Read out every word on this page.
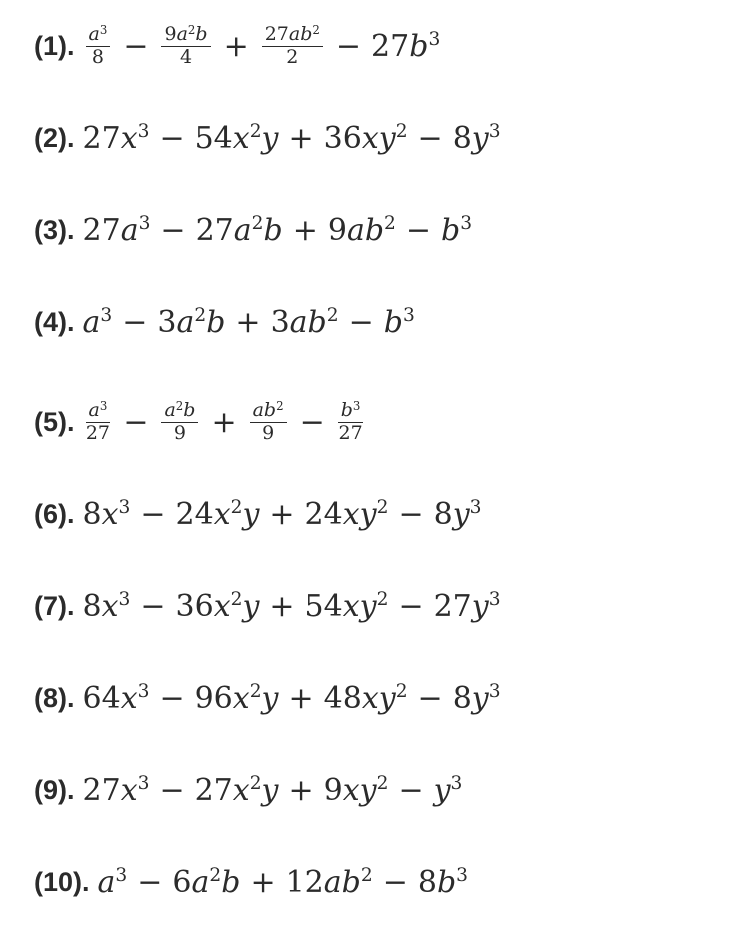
(1). $\frac{a^3}{8} - \frac{9a^2b}{4} + \frac{27ab^2}{2} - 27b^3$
(2). $27x^3 - 54x^2y + 36xy^2 - 8y^3$
(3). $27a^3 - 27a^2b + 9ab^2 - b^3$
(4). $a^3 - 3a^2b + 3ab^2 - b^3$
(5). $\frac{a^3}{27} - \frac{a^2b}{9} + \frac{ab^2}{9} - \frac{b^3}{27}$
(6). $8x^3 - 24x^2y + 24xy^2 - 8y^3$
(7). $8x^3 - 36x^2y + 54xy^2 - 27y^3$
(8). $64x^3 - 96x^2y + 48xy^2 - 8y^3$
(9). $27x^3 - 27x^2y + 9xy^2 - y^3$
(10). $a^3 - 6a^2b + 12ab^2 - 8b^3$
